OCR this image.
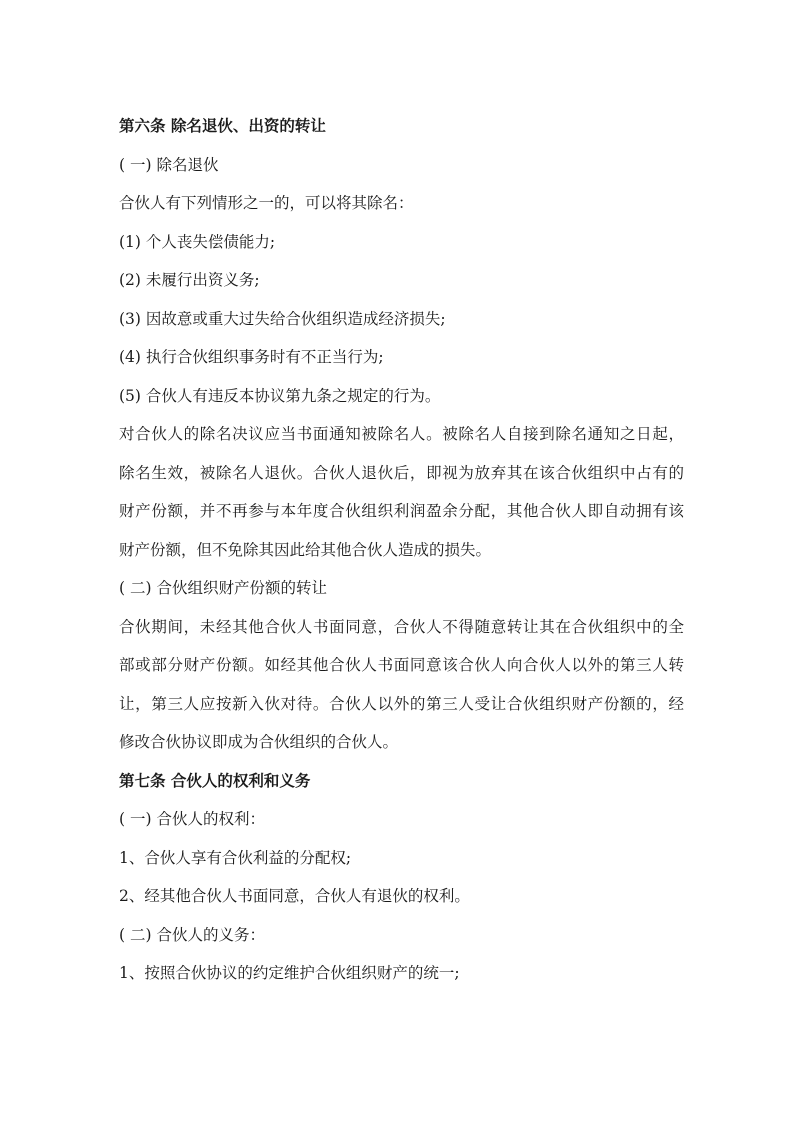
第六条 除名退伙、出资的转让
( 一) 除名退伙
合伙人有下列情形之一的，可以将其除名：
(1) 个人丧失偿债能力;
(2) 未履行出资义务;
(3) 因故意或重大过失给合伙组织造成经济损失;
(4) 执行合伙组织事务时有不正当行为;
(5) 合伙人有违反本协议第九条之规定的行为。
对合伙人的除名决议应当书面通知被除名人。被除名人自接到除名通知之日起，
除名生效，被除名人退伙。合伙人退伙后，即视为放弃其在该合伙组织中占有的
财产份额，并不再参与本年度合伙组织利润盈余分配，其他合伙人即自动拥有该
财产份额，但不免除其因此给其他合伙人造成的损失。
( 二) 合伙组织财产份额的转让
合伙期间，未经其他合伙人书面同意，合伙人不得随意转让其在合伙组织中的全
部或部分财产份额。如经其他合伙人书面同意该合伙人向合伙人以外的第三人转
让，第三人应按新入伙对待。合伙人以外的第三人受让合伙组织财产份额的，经
修改合伙协议即成为合伙组织的合伙人。
第七条 合伙人的权利和义务
( 一) 合伙人的权利：
1、合伙人享有合伙利益的分配权;
2、经其他合伙人书面同意，合伙人有退伙的权利。
( 二) 合伙人的义务：
1、按照合伙协议的约定维护合伙组织财产的统一;
